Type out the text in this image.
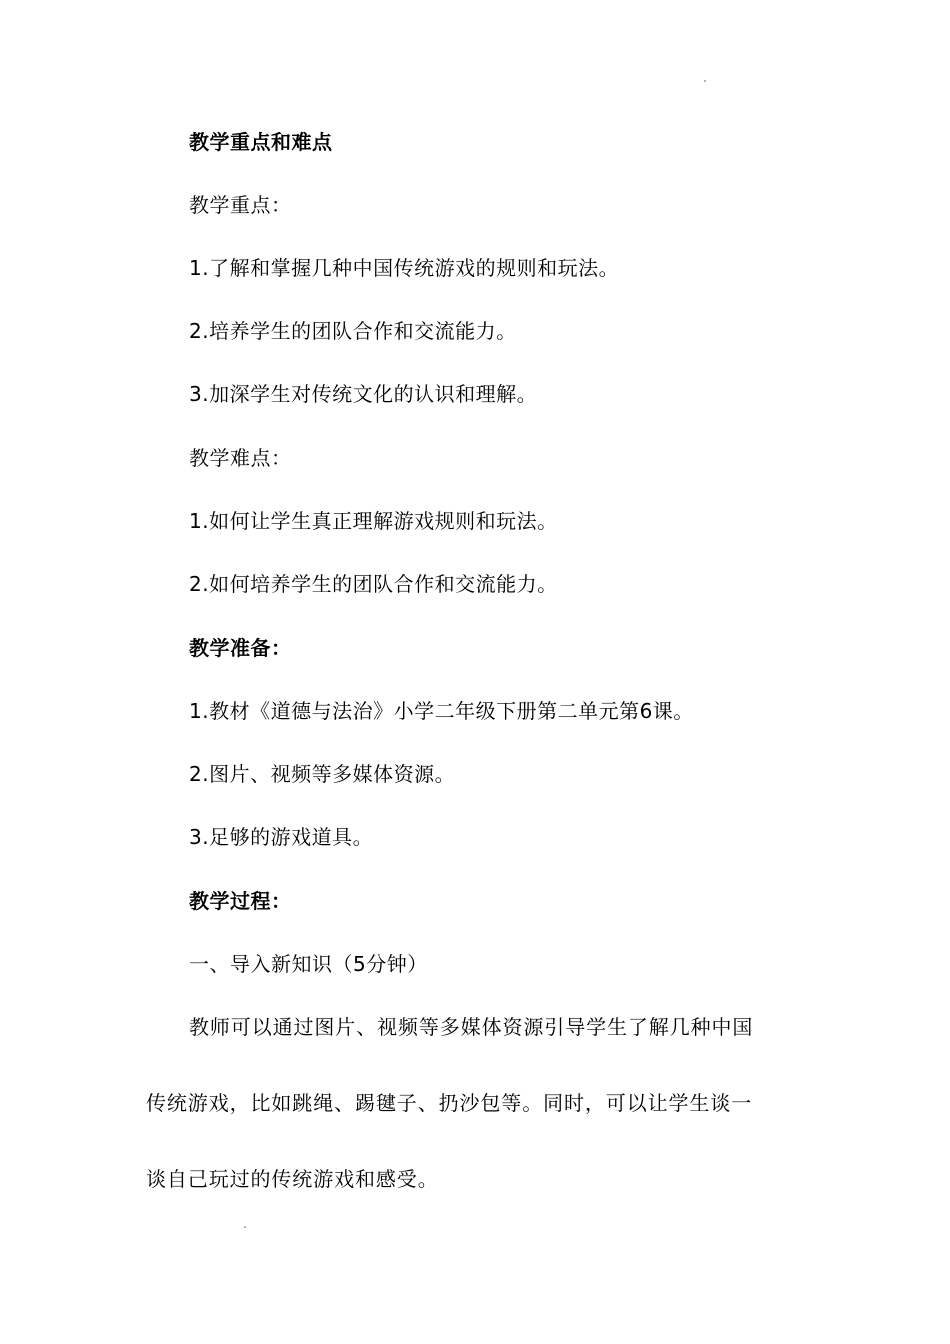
教学重点和难点
教学重点：
1.了解和掌握几种中国传统游戏的规则和玩法。
2.培养学生的团队合作和交流能力。
3.加深学生对传统文化的认识和理解。
教学难点：
1.如何让学生真正理解游戏规则和玩法。
2.如何培养学生的团队合作和交流能力。
教学准备：
1.教材《道德与法治》小学二年级下册第二单元第6课。
2.图片、视频等多媒体资源。
3.足够的游戏道具。
教学过程：
一、导入新知识（5分钟）
教师可以通过图片、视频等多媒体资源引导学生了解几种中国
传统游戏，比如跳绳、踢毽子、扔沙包等。同时，可以让学生谈一
谈自己玩过的传统游戏和感受。
